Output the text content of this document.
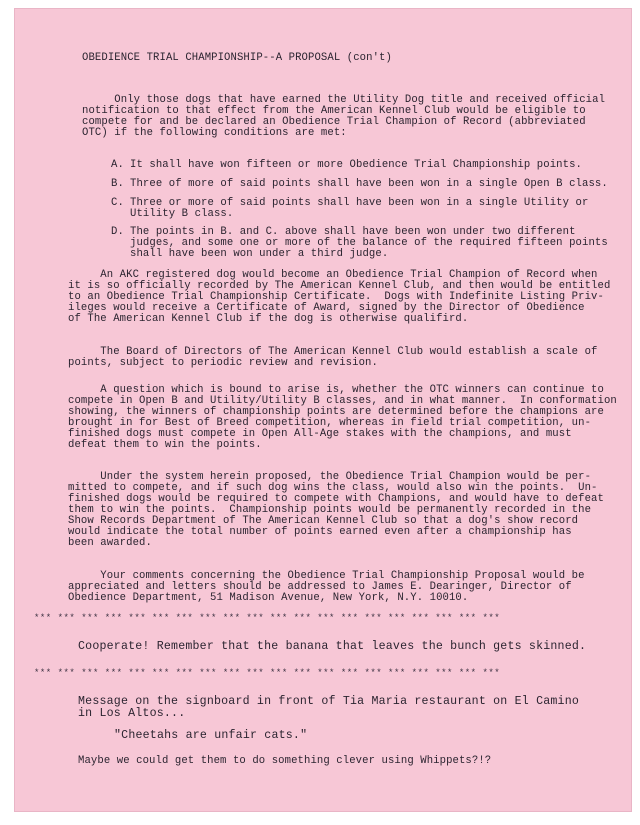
OBEDIENCE TRIAL CHAMPIONSHIP--A PROPOSAL (con't)
Only those dogs that have earned the Utility Dog title and received official
notification to that effect from the American Kennel Club would be eligible to
compete for and be declared an Obedience Trial Champion of Record (abbreviated
OTC) if the following conditions are met:
A. It shall have won fifteen or more Obedience Trial Championship points.
B. Three of more of said points shall have been won in a single Open B class.
C. Three or more of said points shall have been won in a single Utility or
Utility B class.
D. The points in B. and C. above shall have been won under two different
judges, and some one or more of the balance of the required fifteen points
shall have been won under a third judge.
An AKC registered dog would become an Obedience Trial Champion of Record when
it is so officially recorded by The American Kennel Club, and then would be entitled
to an Obedience Trial Championship Certificate.  Dogs with Indefinite Listing Priv-
ileges would receive a Certificate of Award, signed by the Director of Obedience
of The American Kennel Club if the dog is otherwise qualifird.
The Board of Directors of The American Kennel Club would establish a scale of
points, subject to periodic review and revision.
A question which is bound to arise is, whether the OTC winners can continue to
compete in Open B and Utility/Utility B classes, and in what manner.  In conformation
showing, the winners of championship points are determined before the champions are
brought in for Best of Breed competition, whereas in field trial competition, un-
finished dogs must compete in Open All-Age stakes with the champions, and must
defeat them to win the points.
Under the system herein proposed, the Obedience Trial Champion would be per-
mitted to compete, and if such dog wins the class, would also win the points.  Un-
finished dogs would be required to compete with Champions, and would have to defeat
them to win the points.  Championship points would be permanently recorded in the
Show Records Department of The American Kennel Club so that a dog's show record
would indicate the total number of points earned even after a championship has
been awarded.
Your comments concerning the Obedience Trial Championship Proposal would be
appreciated and letters should be addressed to James E. Dearinger, Director of
Obedience Department, 51 Madison Avenue, New York, N.Y. 10010.
*** *** *** *** *** *** *** *** *** *** *** *** *** *** *** *** *** *** *** ***
Cooperate! Remember that the banana that leaves the bunch gets skinned.
*** *** *** *** *** *** *** *** *** *** *** *** *** *** *** *** *** *** *** ***
Message on the signboard in front of Tia Maria restaurant on El Camino
in Los Altos...
"Cheetahs are unfair cats."
Maybe we could get them to do something clever using Whippets?!?
